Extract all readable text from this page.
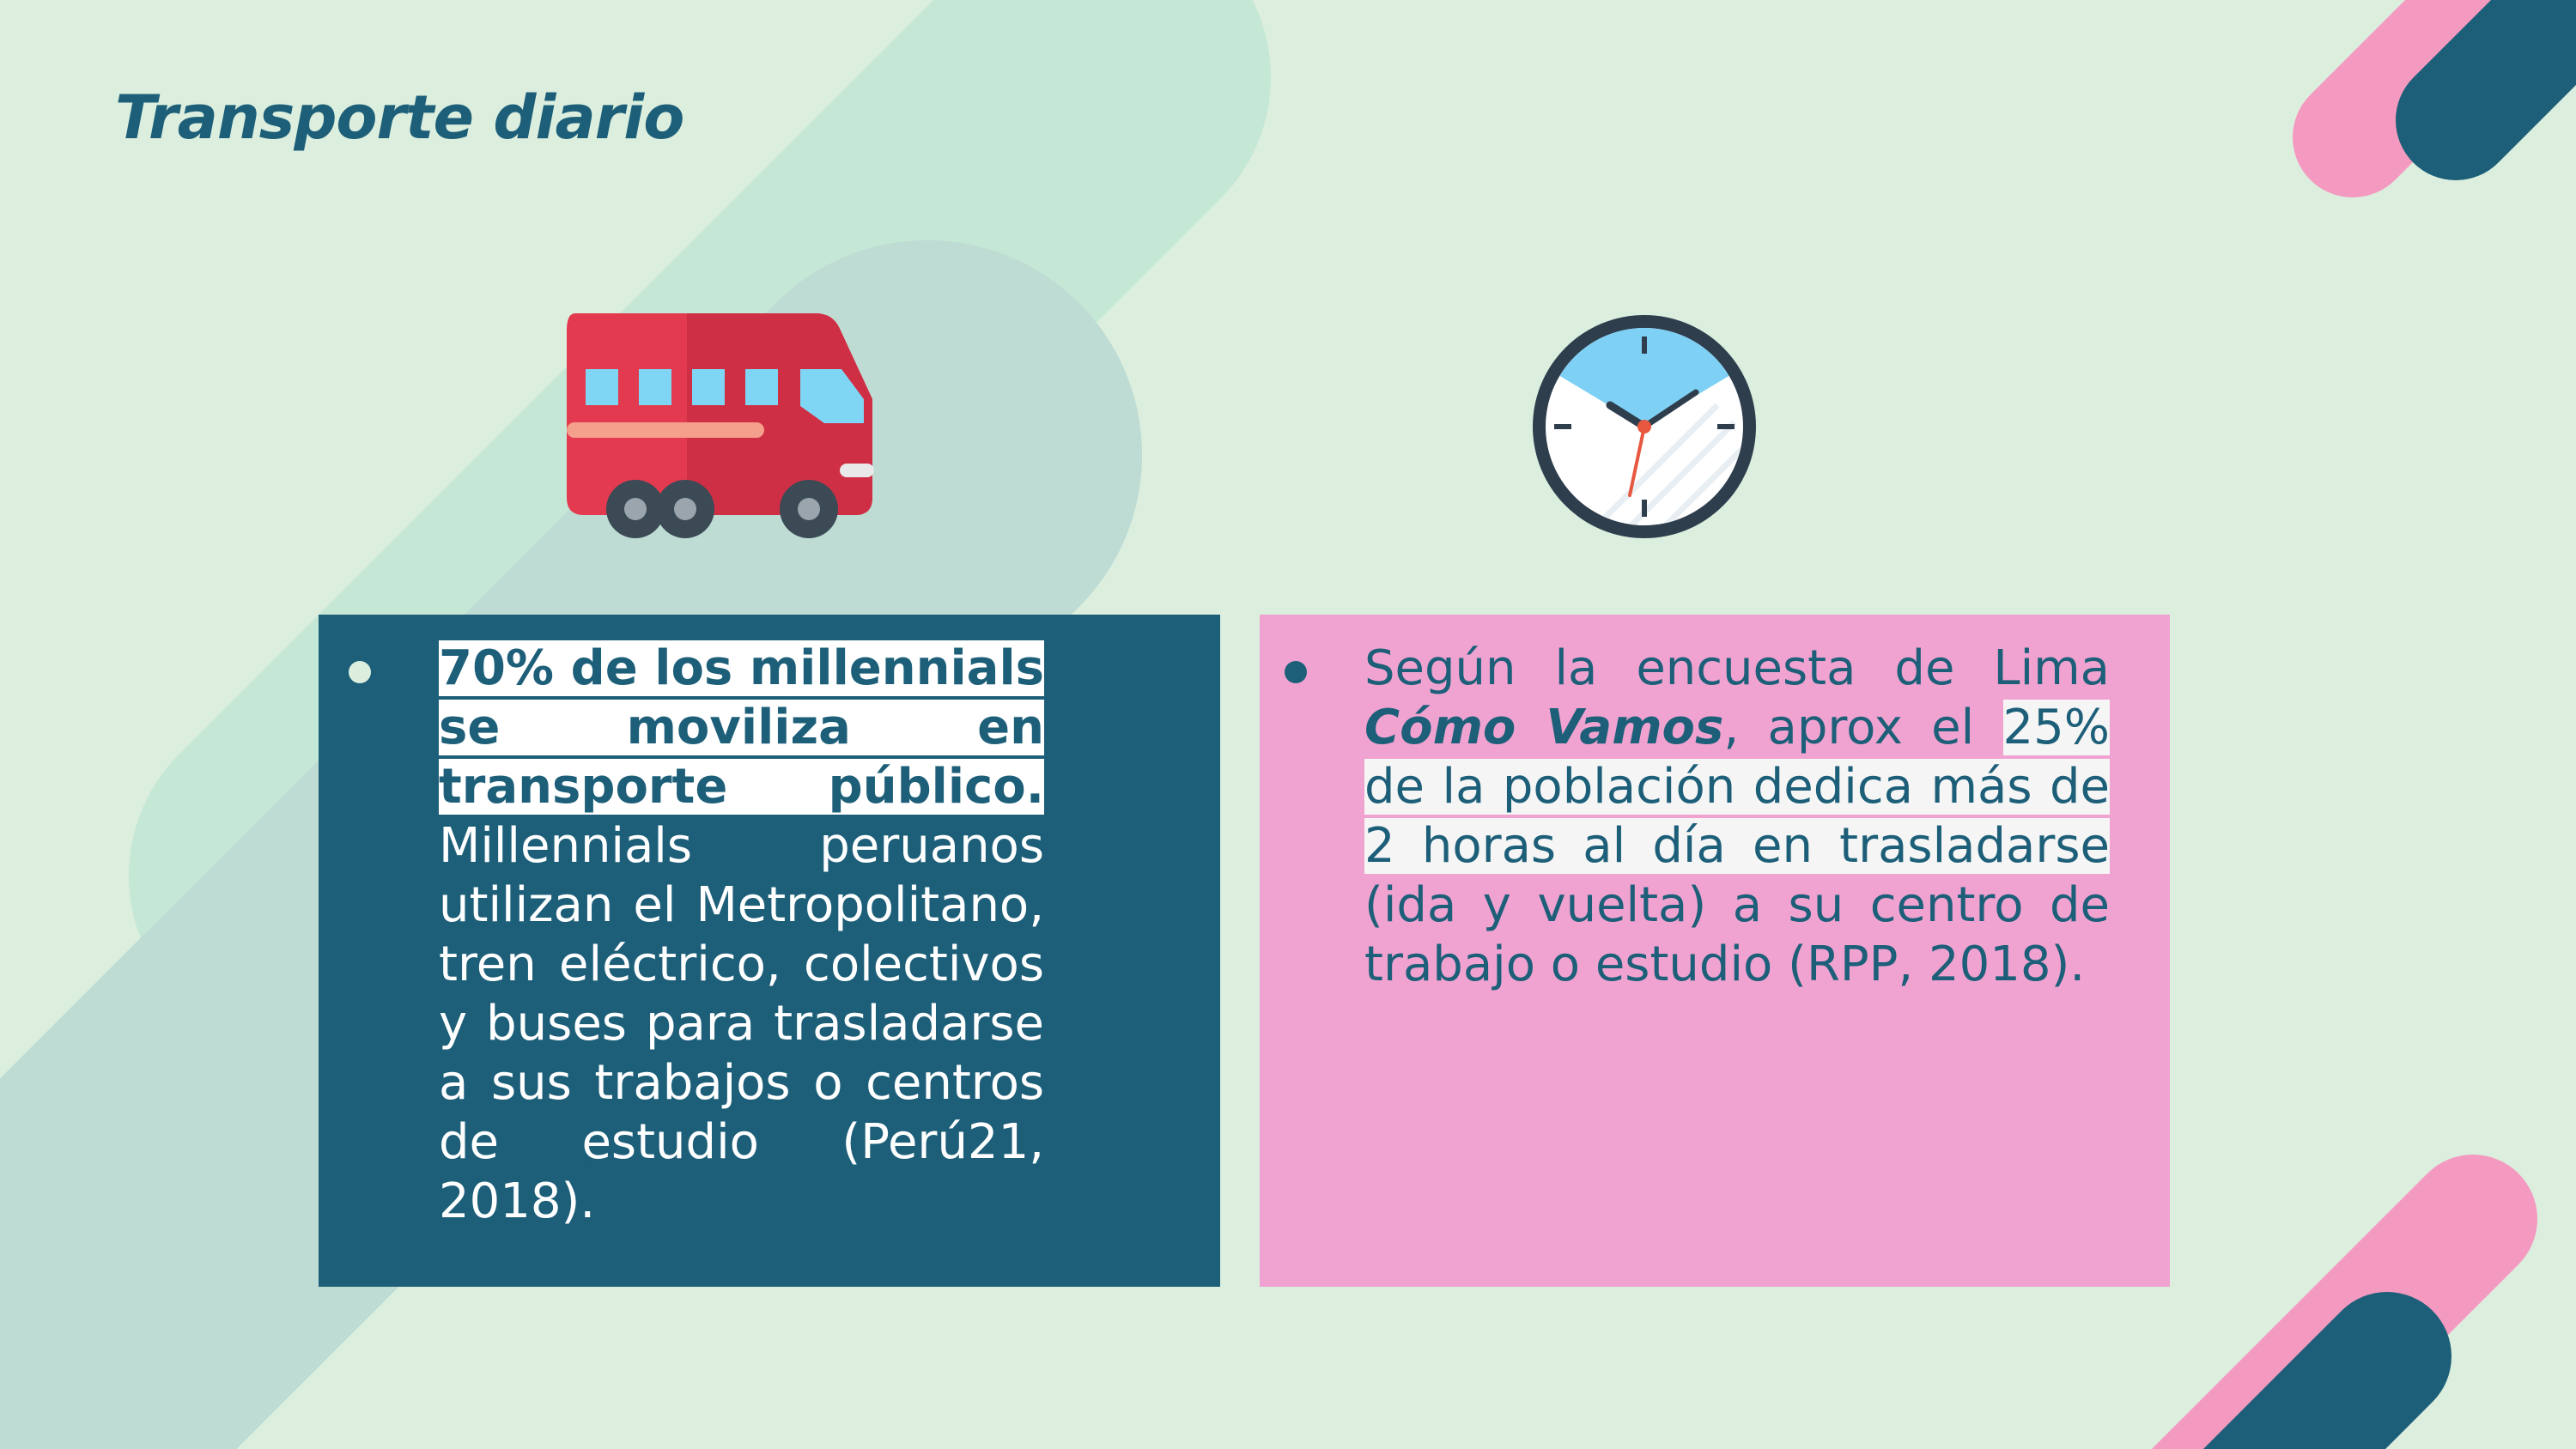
Transporte diario

70% de los millennials se moviliza en transporte público. Millennials peruanos utilizan el Metropolitano, tren eléctrico, colectivos y buses para trasladarse a sus trabajos o centros de estudio (Perú21, 2018).

Según la encuesta de Lima Cómo Vamos, aprox el 25% de la población dedica más de 2 horas al día en trasladarse (ida y vuelta) a su centro de trabajo o estudio (RPP, 2018).
